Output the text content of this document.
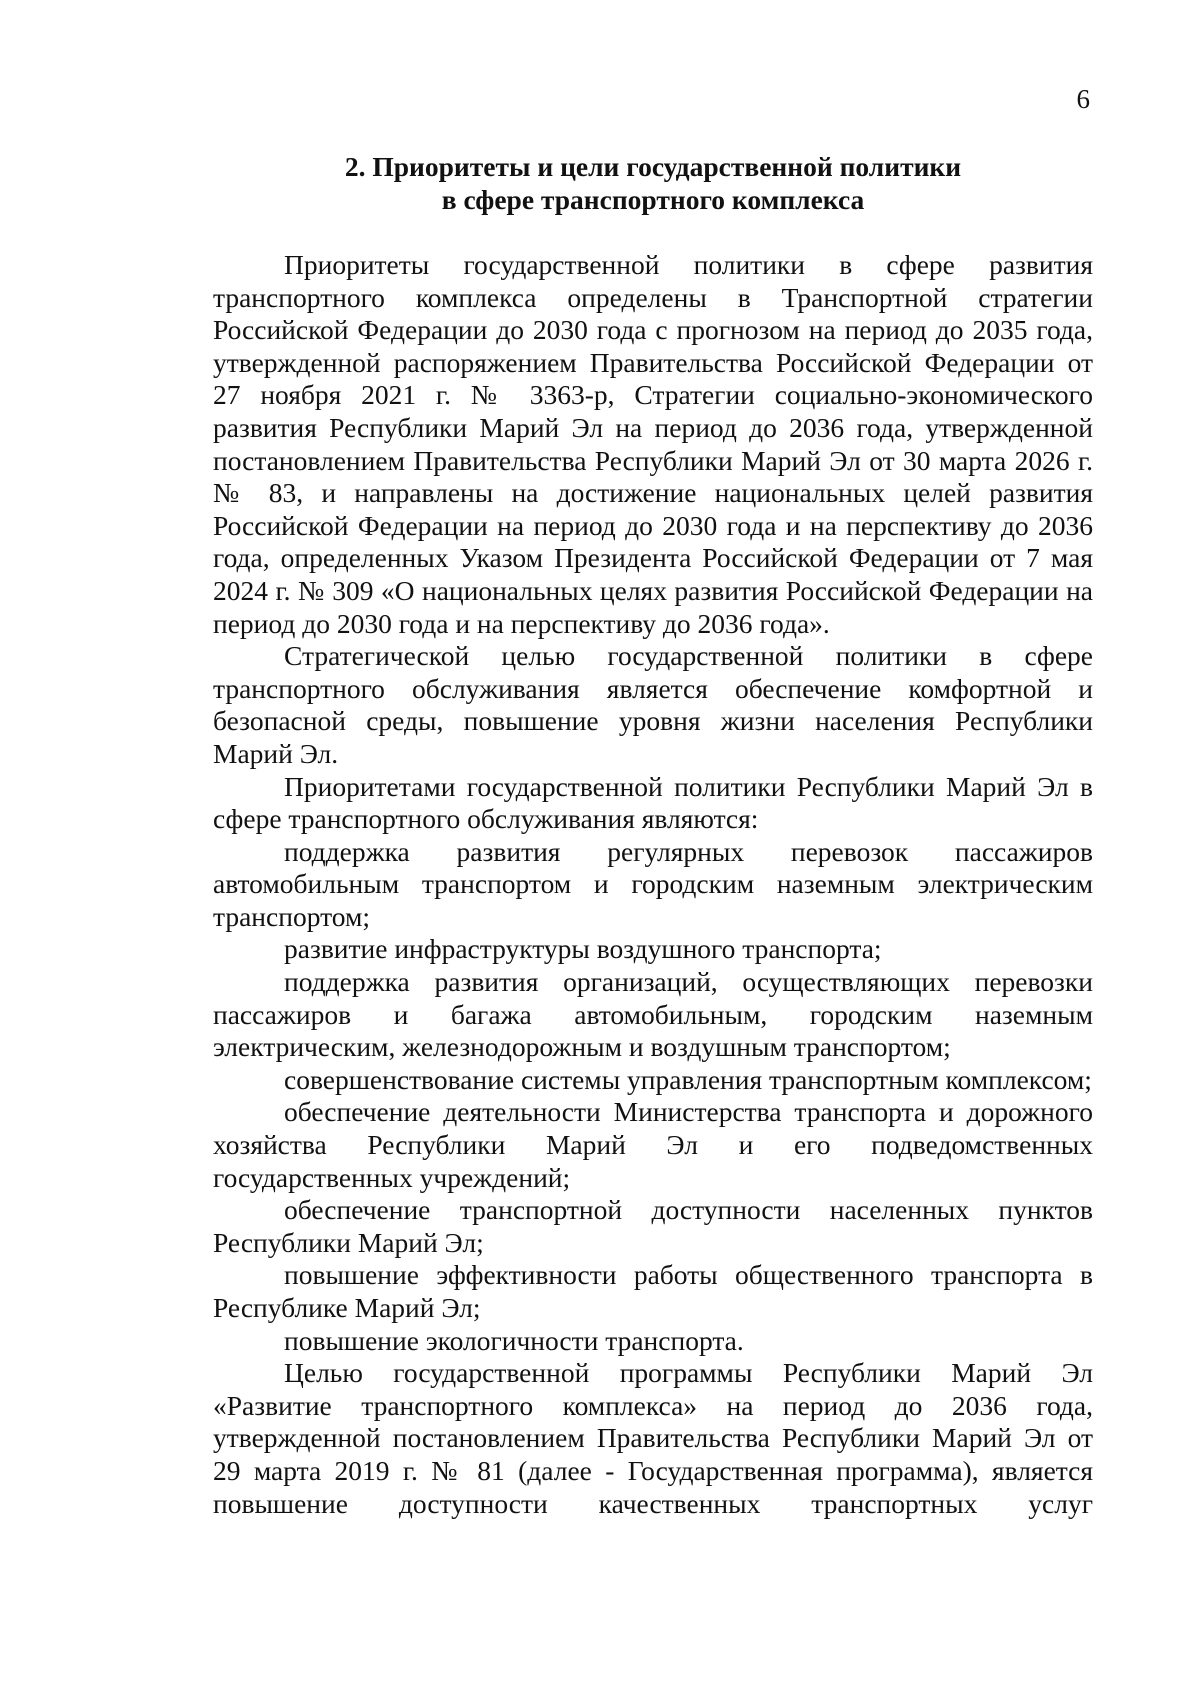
6
2. Приоритеты и цели государственной политики
в сфере транспортного комплекса

Приоритеты государственной политики в сфере развития транспортного комплекса определены в Транспортной стратегии Российской Федерации до 2030 года с прогнозом на период до 2035 года, утвержденной распоряжением Правительства Российской Федерации от 27 ноября 2021 г. № 3363-р, Стратегии социально-экономического развития Республики Марий Эл на период до 2036 года, утвержденной постановлением Правительства Республики Марий Эл от 30 марта 2026 г. № 83, и направлены на достижение национальных целей развития Российской Федерации на период до 2030 года и на перспективу до 2036 года, определенных Указом Президента Российской Федерации от 7 мая 2024 г. № 309 «О национальных целях развития Российской Федерации на период до 2030 года и на перспективу до 2036 года».

Стратегической целью государственной политики в сфере транспортного обслуживания является обеспечение комфортной и безопасной среды, повышение уровня жизни населения Республики Марий Эл.

Приоритетами государственной политики Республики Марий Эл в сфере транспортного обслуживания являются:

поддержка развития регулярных перевозок пассажиров автомобильным транспортом и городским наземным электрическим транспортом;

развитие инфраструктуры воздушного транспорта;

поддержка развития организаций, осуществляющих перевозки пассажиров и багажа автомобильным, городским наземным электрическим, железнодорожным и воздушным транспортом;

совершенствование системы управления транспортным комплексом;

обеспечение деятельности Министерства транспорта и дорожного хозяйства Республики Марий Эл и его подведомственных государственных учреждений;

обеспечение транспортной доступности населенных пунктов Республики Марий Эл;

повышение эффективности работы общественного транспорта в Республике Марий Эл;

повышение экологичности транспорта.

Целью государственной программы Республики Марий Эл «Развитие транспортного комплекса» на период до 2036 года, утвержденной постановлением Правительства Республики Марий Эл от 29 марта 2019 г. № 81 (далее - Государственная программа), является повышение доступности качественных транспортных услуг
